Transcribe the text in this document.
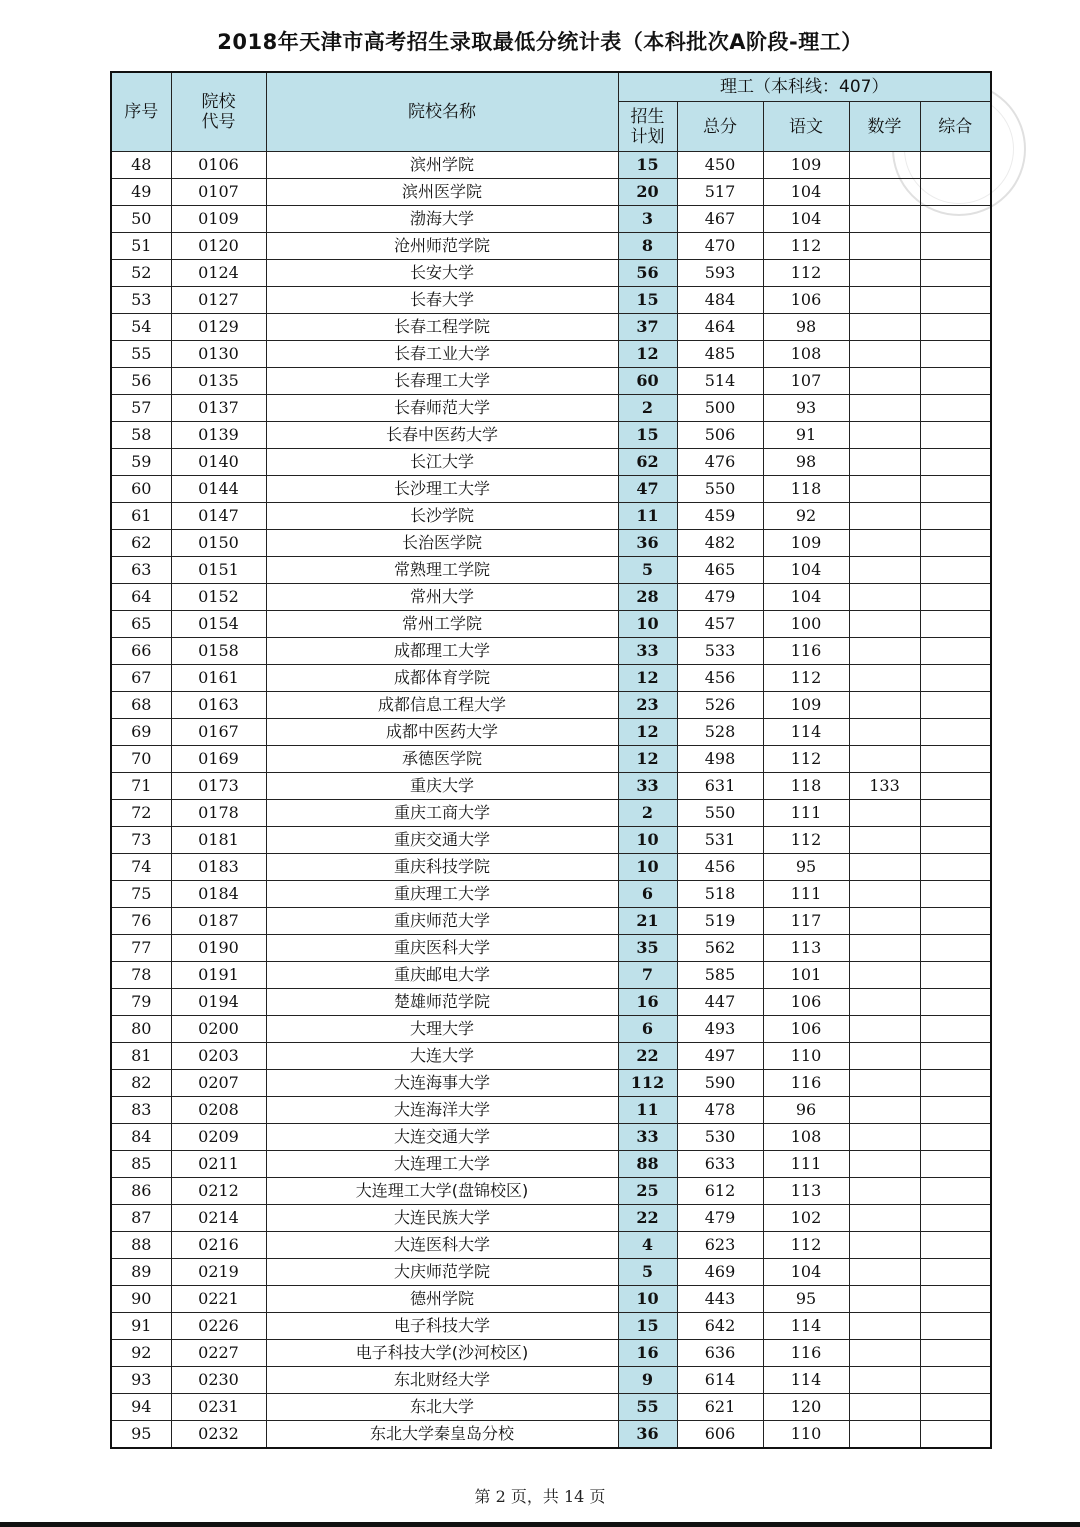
2018年天津市高考招生录取最低分统计表（本科批次A阶段-理工）
序号	院校
代号	院校名称	理工（本科线：407）				
			招生
计划	总分	语文	数学	综合
48	0106	滨州学院	15	450	109		
49	0107	滨州医学院	20	517	104		
50	0109	渤海大学	3	467	104		
51	0120	沧州师范学院	8	470	112		
52	0124	长安大学	56	593	112		
53	0127	长春大学	15	484	106		
54	0129	长春工程学院	37	464	98		
55	0130	长春工业大学	12	485	108		
56	0135	长春理工大学	60	514	107		
57	0137	长春师范大学	2	500	93		
58	0139	长春中医药大学	15	506	91		
59	0140	长江大学	62	476	98		
60	0144	长沙理工大学	47	550	118		
61	0147	长沙学院	11	459	92		
62	0150	长治医学院	36	482	109		
63	0151	常熟理工学院	5	465	104		
64	0152	常州大学	28	479	104		
65	0154	常州工学院	10	457	100		
66	0158	成都理工大学	33	533	116		
67	0161	成都体育学院	12	456	112		
68	0163	成都信息工程大学	23	526	109		
69	0167	成都中医药大学	12	528	114		
70	0169	承德医学院	12	498	112		
71	0173	重庆大学	33	631	118	133	
72	0178	重庆工商大学	2	550	111		
73	0181	重庆交通大学	10	531	112		
74	0183	重庆科技学院	10	456	95		
75	0184	重庆理工大学	6	518	111		
76	0187	重庆师范大学	21	519	117		
77	0190	重庆医科大学	35	562	113		
78	0191	重庆邮电大学	7	585	101		
79	0194	楚雄师范学院	16	447	106		
80	0200	大理大学	6	493	106		
81	0203	大连大学	22	497	110		
82	0207	大连海事大学	112	590	116		
83	0208	大连海洋大学	11	478	96		
84	0209	大连交通大学	33	530	108		
85	0211	大连理工大学	88	633	111		
86	0212	大连理工大学(盘锦校区)	25	612	113		
87	0214	大连民族大学	22	479	102		
88	0216	大连医科大学	4	623	112		
89	0219	大庆师范学院	5	469	104		
90	0221	德州学院	10	443	95		
91	0226	电子科技大学	15	642	114		
92	0227	电子科技大学(沙河校区)	16	636	116		
93	0230	东北财经大学	9	614	114		
94	0231	东北大学	55	621	120		
95	0232	东北大学秦皇岛分校	36	606	110		
第 2 页，共 14 页
